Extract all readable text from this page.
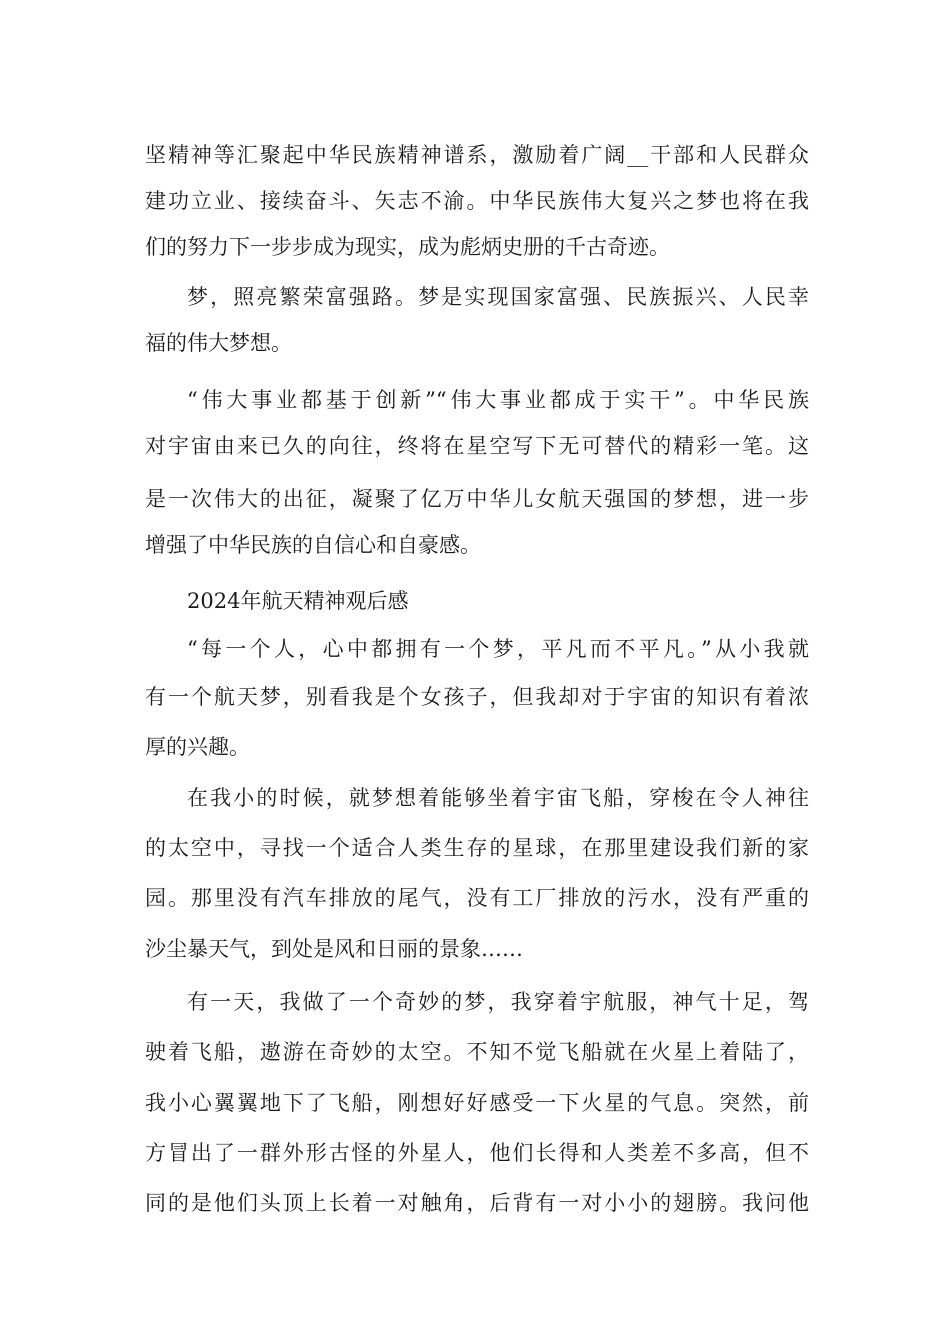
坚精神等汇聚起中华民族精神谱系，激励着广阔__干部和人民群众
建功立业、接续奋斗、矢志不渝。中华民族伟大复兴之梦也将在我
们的努力下一步步成为现实，成为彪炳史册的千古奇迹。
梦，照亮繁荣富强路。梦是实现国家富强、民族振兴、人民幸
福的伟大梦想。
“伟大事业都基于创新”“伟大事业都成于实干”。中华民族
对宇宙由来已久的向往，终将在星空写下无可替代的精彩一笔。这
是一次伟大的出征，凝聚了亿万中华儿女航天强国的梦想，进一步
增强了中华民族的自信心和自豪感。
2024年航天精神观后感
“每一个人，心中都拥有一个梦，平凡而不平凡。”从小我就
有一个航天梦，别看我是个女孩子，但我却对于宇宙的知识有着浓
厚的兴趣。
在我小的时候，就梦想着能够坐着宇宙飞船，穿梭在令人神往
的太空中，寻找一个适合人类生存的星球，在那里建设我们新的家
园。那里没有汽车排放的尾气，没有工厂排放的污水，没有严重的
沙尘暴天气，到处是风和日丽的景象……
有一天，我做了一个奇妙的梦，我穿着宇航服，神气十足，驾
驶着飞船，遨游在奇妙的太空。不知不觉飞船就在火星上着陆了，
我小心翼翼地下了飞船，刚想好好感受一下火星的气息。突然，前
方冒出了一群外形古怪的外星人，他们长得和人类差不多高，但不
同的是他们头顶上长着一对触角，后背有一对小小的翅膀。我问他
